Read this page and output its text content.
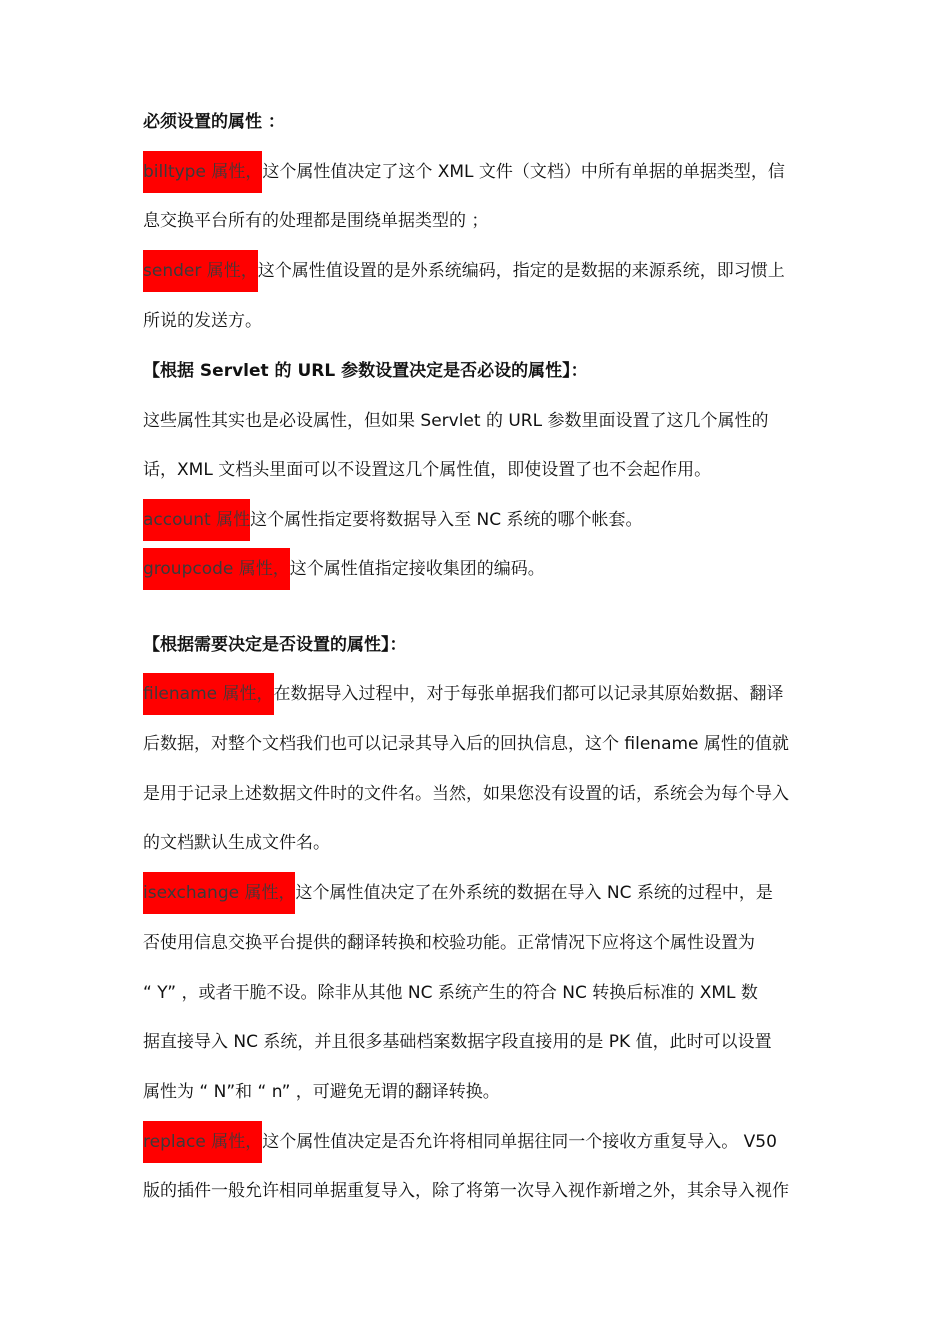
必须设置的属性 ：
billtype 属性，这个属性值决定了这个 XML 文件（文档）中所有单据的单据类型，信
息交换平台所有的处理都是围绕单据类型的 ；
sender 属性，这个属性值设置的是外系统编码，指定的是数据的来源系统，即习惯上
所说的发送方。
【根据 Servlet 的 URL 参数设置决定是否必设的属性】：
这些属性其实也是必设属性，但如果 Servlet 的 URL 参数里面设置了这几个属性的
话，XML 文档头里面可以不设置这几个属性值，即使设置了也不会起作用。
account 属性这个属性指定要将数据导入至 NC 系统的哪个帐套。
groupcode 属性，这个属性值指定接收集团的编码。
【根据需要决定是否设置的属性】：
filename 属性，在数据导入过程中，对于每张单据我们都可以记录其原始数据、翻译
后数据，对整个文档我们也可以记录其导入后的回执信息，这个 filename 属性的值就
是用于记录上述数据文件时的文件名。当然，如果您没有设置的话，系统会为每个导入
的文档默认生成文件名。
isexchange 属性，这个属性值决定了在外系统的数据在导入 NC 系统的过程中，是
否使用信息交换平台提供的翻译转换和校验功能。正常情况下应将这个属性设置为
“ Y” ，或者干脆不设。除非从其他 NC 系统产生的符合 NC 转换后标准的 XML 数
据直接导入 NC 系统，并且很多基础档案数据字段直接用的是 PK 值，此时可以设置
属性为 “ N”和 “ n” ，可避免无谓的翻译转换。
replace 属性，这个属性值决定是否允许将相同单据往同一个接收方重复导入。 V50
版的插件一般允许相同单据重复导入，除了将第一次导入视作新增之外，其余导入视作
